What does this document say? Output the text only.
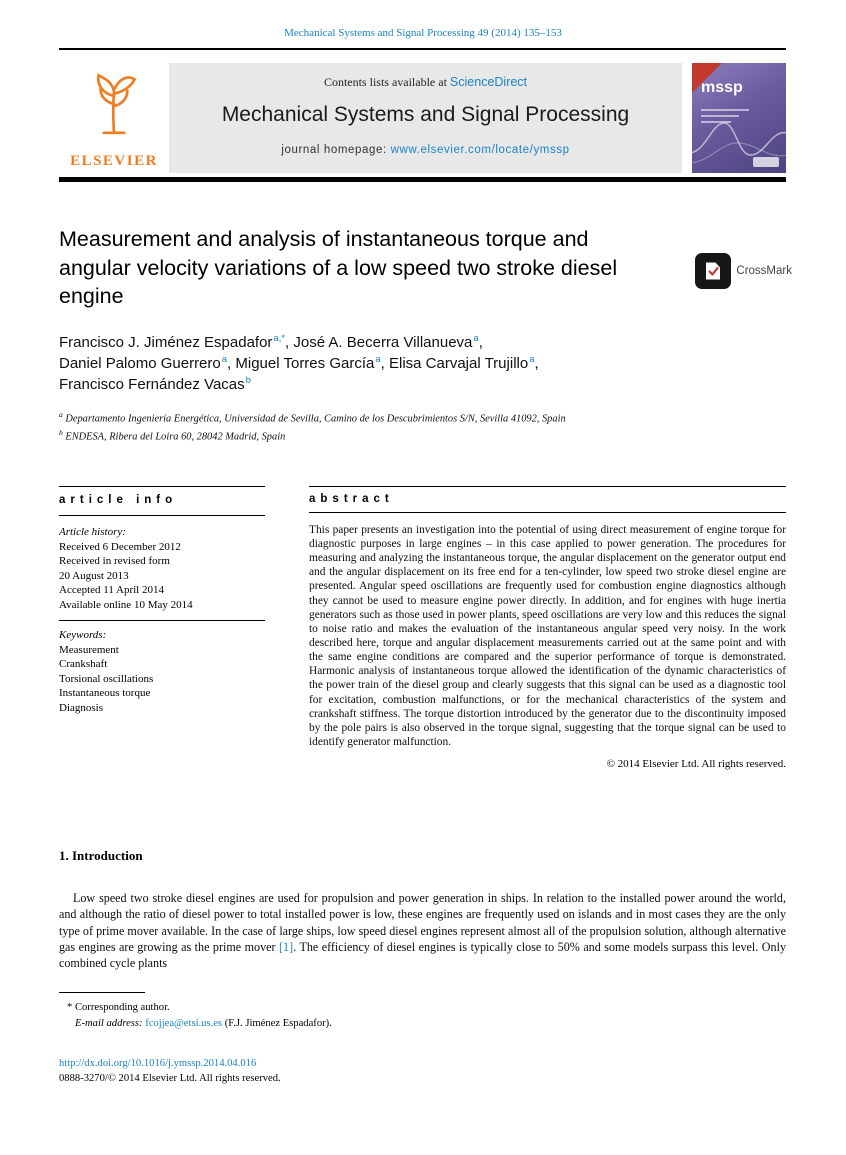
Mechanical Systems and Signal Processing 49 (2014) 135–153
ELSEVIER
Contents lists available at ScienceDirect
Mechanical Systems and Signal Processing
journal homepage: www.elsevier.com/locate/ymssp
mssp
Measurement and analysis of instantaneous torque and angular velocity variations of a low speed two stroke diesel engine
Francisco J. Jiménez Espadafor$^{a,*}$, José A. Becerra Villanueva$^a$,
Daniel Palomo Guerrero$^a$, Miguel Torres García$^a$, Elisa Carvajal Trujillo$^a$,
Francisco Fernández Vacas$^b$
$^a$ Departamento Ingeniería Energética, Universidad de Sevilla, Camino de los Descubrimientos S/N, Sevilla 41092, Spain
$^b$ ENDESA, Ribera del Loira 60, 28042 Madrid, Spain
article info
Article history:
Received 6 December 2012
Received in revised form
20 August 2013
Accepted 11 April 2014
Available online 10 May 2014
Keywords:
Measurement
Crankshaft
Torsional oscillations
Instantaneous torque
Diagnosis
abstract

This paper presents an investigation into the potential of using direct measurement of engine torque for diagnostic purposes in large engines – in this case applied to power generation. The procedures for measuring and analyzing the instantaneous torque, the angular displacement on the generator output end and the angular displacement on its free end for a ten-cylinder, low speed two stroke diesel engine are presented. Angular speed oscillations are frequently used for combustion engine diagnostics although they cannot be used to measure engine power directly. In addition, and for engines with huge inertia generators such as those used in power plants, speed oscillations are very low and this reduces the signal to noise ratio and makes the evaluation of the instantaneous angular speed very noisy. In the work described here, torque and angular displacement measurements carried out at the same point and with the same engine conditions are compared and the superior performance of torque is demonstrated. Harmonic analysis of instantaneous torque allowed the identification of the dynamic characteristics of the power train of the diesel group and clearly suggests that this signal can be used as a diagnostic tool for excitation, combustion malfunctions, or for the mechanical characteristics of the system and crankshaft stiffness. The torque distortion introduced by the generator due to the discontinuity imposed by the pole pairs is also observed in the torque signal, suggesting that the torque signal can be used to identify generator malfunction.

© 2014 Elsevier Ltd. All rights reserved.

1. Introduction

Low speed two stroke diesel engines are used for propulsion and power generation in ships. In relation to the installed power around the world, and although the ratio of diesel power to total installed power is low, these engines are frequently used on islands and in most cases they are the only type of prime mover available. In the case of large ships, low speed diesel engines represent almost all of the propulsion solution, although alternative gas engines are growing as the prime mover [1]. The efficiency of diesel engines is typically close to 50% and some models surpass this level. Only combined cycle plants

CrossMark
* Corresponding author.
E-mail address: fcojjea@etsi.us.es (F.J. Jiménez Espadafor).
http://dx.doi.org/10.1016/j.ymssp.2014.04.016
0888-3270/© 2014 Elsevier Ltd. All rights reserved.
